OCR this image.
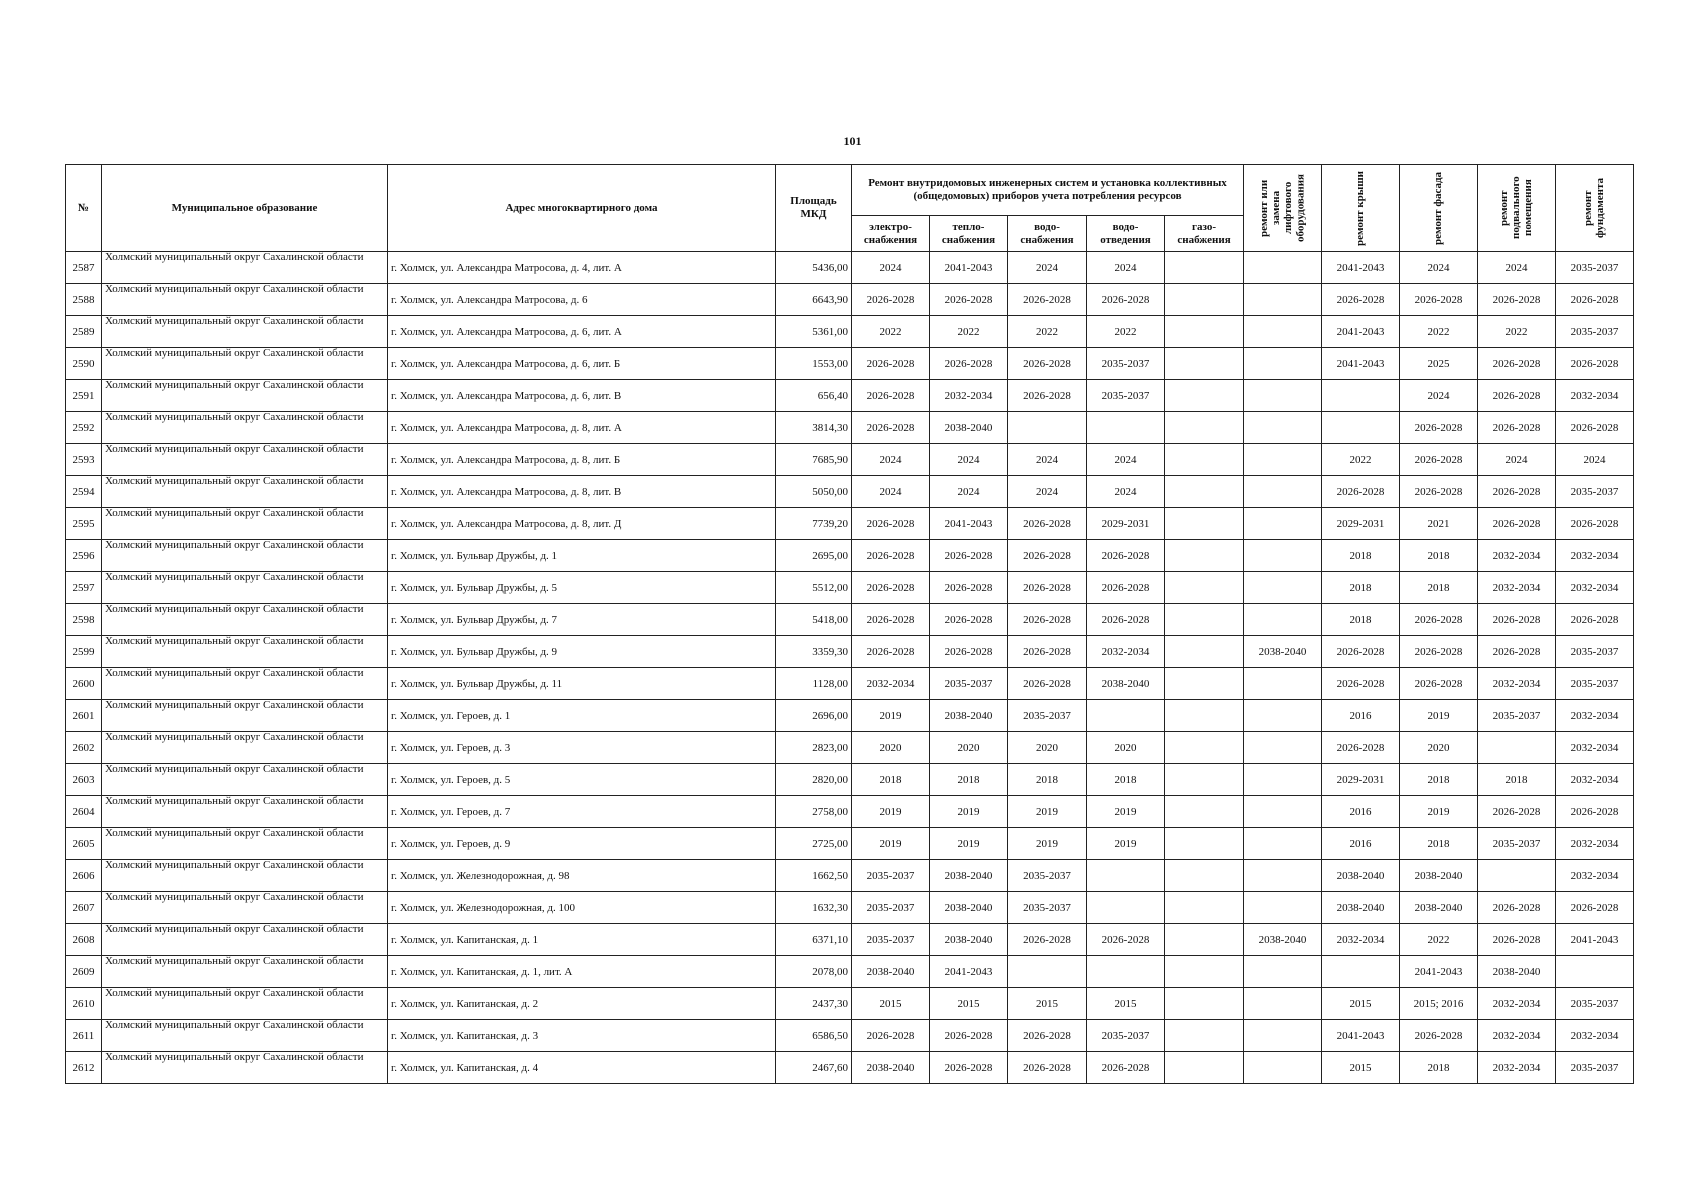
101
№	Муниципальное образование	Адрес многоквартирного дома	Площадь МКД	Ремонт внутридомовых инженерных систем и установка коллективных (общедомовых) приборов учета потребления ресурсов					ремонт или замена лифтового оборудования	ремонт крыши	ремонт фасада	ремонт подвального помещения	ремонт фундамента

				электро-снабжения	тепло-снабжения	водо-снабжения	водо-отведения	газо-снабжения					
2587	Холмский муниципальный округ Сахалинской области	г. Холмск, ул. Александра Матросова, д. 4, лит. А	5436,00	2024	2041-2043	2024	2024			2041-2043	2024	2024	2035-2037
2588	Холмский муниципальный округ Сахалинской области	г. Холмск, ул. Александра Матросова, д. 6	6643,90	2026-2028	2026-2028	2026-2028	2026-2028			2026-2028	2026-2028	2026-2028	2026-2028
2589	Холмский муниципальный округ Сахалинской области	г. Холмск, ул. Александра Матросова, д. 6, лит. А	5361,00	2022	2022	2022	2022			2041-2043	2022	2022	2035-2037
2590	Холмский муниципальный округ Сахалинской области	г. Холмск, ул. Александра Матросова, д. 6, лит. Б	1553,00	2026-2028	2026-2028	2026-2028	2035-2037			2041-2043	2025	2026-2028	2026-2028
2591	Холмский муниципальный округ Сахалинской области	г. Холмск, ул. Александра Матросова, д. 6, лит. В	656,40	2026-2028	2032-2034	2026-2028	2035-2037				2024	2026-2028	2032-2034
2592	Холмский муниципальный округ Сахалинской области	г. Холмск, ул. Александра Матросова, д. 8, лит. А	3814,30	2026-2028	2038-2040						2026-2028	2026-2028	2026-2028
2593	Холмский муниципальный округ Сахалинской области	г. Холмск, ул. Александра Матросова, д. 8, лит. Б	7685,90	2024	2024	2024	2024			2022	2026-2028	2024	2024
2594	Холмский муниципальный округ Сахалинской области	г. Холмск, ул. Александра Матросова, д. 8, лит. В	5050,00	2024	2024	2024	2024			2026-2028	2026-2028	2026-2028	2035-2037
2595	Холмский муниципальный округ Сахалинской области	г. Холмск, ул. Александра Матросова, д. 8, лит. Д	7739,20	2026-2028	2041-2043	2026-2028	2029-2031			2029-2031	2021	2026-2028	2026-2028
2596	Холмский муниципальный округ Сахалинской области	г. Холмск, ул. Бульвар Дружбы, д. 1	2695,00	2026-2028	2026-2028	2026-2028	2026-2028			2018	2018	2032-2034	2032-2034
2597	Холмский муниципальный округ Сахалинской области	г. Холмск, ул. Бульвар Дружбы, д. 5	5512,00	2026-2028	2026-2028	2026-2028	2026-2028			2018	2018	2032-2034	2032-2034
2598	Холмский муниципальный округ Сахалинской области	г. Холмск, ул. Бульвар Дружбы, д. 7	5418,00	2026-2028	2026-2028	2026-2028	2026-2028			2018	2026-2028	2026-2028	2026-2028
2599	Холмский муниципальный округ Сахалинской области	г. Холмск, ул. Бульвар Дружбы, д. 9	3359,30	2026-2028	2026-2028	2026-2028	2032-2034		2038-2040	2026-2028	2026-2028	2026-2028	2035-2037
2600	Холмский муниципальный округ Сахалинской области	г. Холмск, ул. Бульвар Дружбы, д. 11	1128,00	2032-2034	2035-2037	2026-2028	2038-2040			2026-2028	2026-2028	2032-2034	2035-2037
2601	Холмский муниципальный округ Сахалинской области	г. Холмск, ул. Героев, д. 1	2696,00	2019	2038-2040	2035-2037				2016	2019	2035-2037	2032-2034
2602	Холмский муниципальный округ Сахалинской области	г. Холмск, ул. Героев, д. 3	2823,00	2020	2020	2020	2020			2026-2028	2020		2032-2034
2603	Холмский муниципальный округ Сахалинской области	г. Холмск, ул. Героев, д. 5	2820,00	2018	2018	2018	2018			2029-2031	2018	2018	2032-2034
2604	Холмский муниципальный округ Сахалинской области	г. Холмск, ул. Героев, д. 7	2758,00	2019	2019	2019	2019			2016	2019	2026-2028	2026-2028
2605	Холмский муниципальный округ Сахалинской области	г. Холмск, ул. Героев, д. 9	2725,00	2019	2019	2019	2019			2016	2018	2035-2037	2032-2034
2606	Холмский муниципальный округ Сахалинской области	г. Холмск, ул. Железнодорожная, д. 98	1662,50	2035-2037	2038-2040	2035-2037				2038-2040	2038-2040		2032-2034
2607	Холмский муниципальный округ Сахалинской области	г. Холмск, ул. Железнодорожная, д. 100	1632,30	2035-2037	2038-2040	2035-2037				2038-2040	2038-2040	2026-2028	2026-2028
2608	Холмский муниципальный округ Сахалинской области	г. Холмск, ул. Капитанская, д. 1	6371,10	2035-2037	2038-2040	2026-2028	2026-2028		2038-2040	2032-2034	2022	2026-2028	2041-2043
2609	Холмский муниципальный округ Сахалинской области	г. Холмск, ул. Капитанская, д. 1, лит. А	2078,00	2038-2040	2041-2043						2041-2043	2038-2040	
2610	Холмский муниципальный округ Сахалинской области	г. Холмск, ул. Капитанская, д. 2	2437,30	2015	2015	2015	2015			2015	2015; 2016	2032-2034	2035-2037
2611	Холмский муниципальный округ Сахалинской области	г. Холмск, ул. Капитанская, д. 3	6586,50	2026-2028	2026-2028	2026-2028	2035-2037			2041-2043	2026-2028	2032-2034	2032-2034
2612	Холмский муниципальный округ Сахалинской области	г. Холмск, ул. Капитанская, д. 4	2467,60	2038-2040	2026-2028	2026-2028	2026-2028			2015	2018	2032-2034	2035-2037
